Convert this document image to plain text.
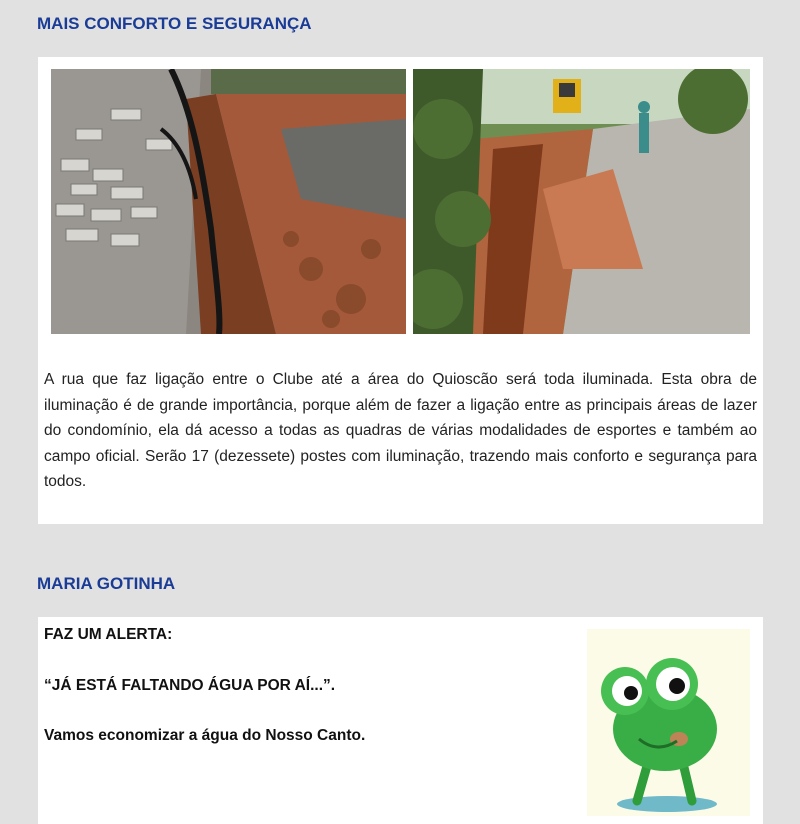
MAIS CONFORTO E SEGURANÇA

A rua que faz ligação entre o Clube até a área do Quioscão será toda iluminada. Esta obra de iluminação é de grande importância, porque além de fazer a ligação entre as principais áreas de lazer do condomínio, ela dá acesso a todas as quadras de várias modalidades de esportes e também ao campo oficial. Serão 17 (dezessete) postes com iluminação, trazendo mais conforto e segurança para todos.

MARIA GOTINHA

FAZ UM ALERTA:

“JÁ ESTÁ FALTANDO ÁGUA POR AÍ...”.

Vamos economizar a água do Nosso Canto.
